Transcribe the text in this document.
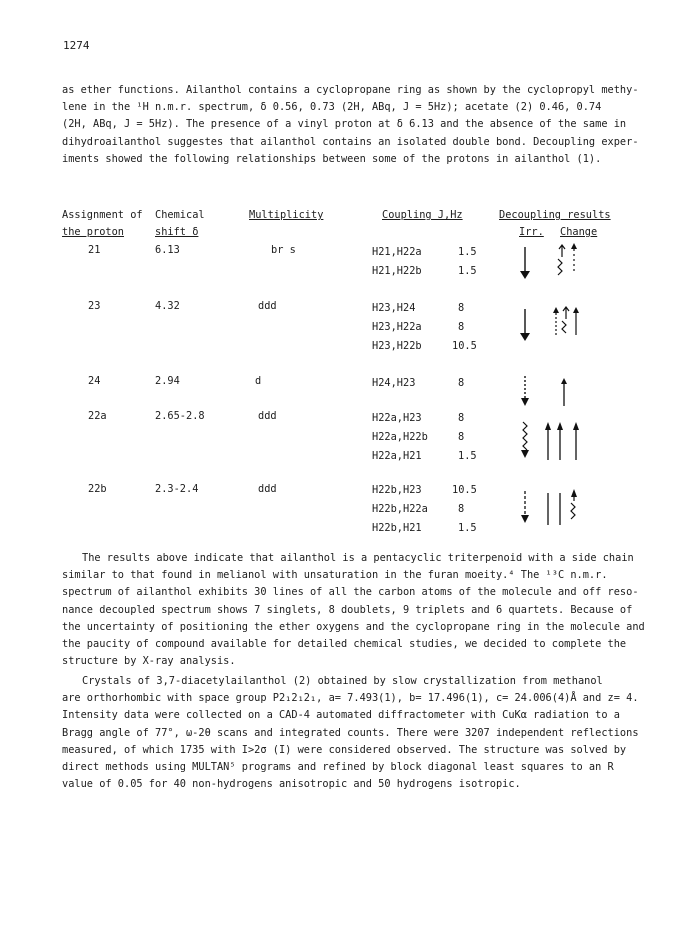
1274
as ether functions. Ailanthol contains a cyclopropane ring as shown by the cyclopropyl methy-
lene in the ¹H n.m.r. spectrum, δ 0.56, 0.73 (2H, ABq, J = 5Hz); acetate (2) 0.46, 0.74
(2H, ABq, J = 5Hz). The presence of a vinyl proton at δ 6.13 and the absence of the same in
dihydroailanthol suggestes that ailanthol contains an isolated double bond. Decoupling exper-
iments showed the following relationships between some of the protons in ailanthol (1).
Assignment of
the proton
Chemical
shift δ
Multiplicity	Coupling J,Hz	Decoupling results
Irr. Change
21	6.13	br s	H21,H22a	1.5
H21,H22b	1.5
23	4.32	ddd	H23,H24	8
H23,H22a	8
H23,H22b	10.5
24	2.94	d	H24,H23	8
22a	2.65-2.8	ddd	H22a,H23	8
H22a,H22b	8
H22a,H21	1.5
22b	2.3-2.4	ddd	H22b,H23	10.5
H22b,H22a	8
H22b,H21	1.5
The results above indicate that ailanthol is a pentacyclic triterpenoid with a side chain
similar to that found in melianol with unsaturation in the furan moeity.⁴ The ¹³C n.m.r.
spectrum of ailanthol exhibits 30 lines of all the carbon atoms of the molecule and off reso-
nance decoupled spectrum shows 7 singlets, 8 doublets, 9 triplets and 6 quartets. Because of
the uncertainty of positioning the ether oxygens and the cyclopropane ring in the molecule and
the paucity of compound available for detailed chemical studies, we decided to complete the
structure by X-ray analysis.
Crystals of 3,7-diacetylailanthol (2) obtained by slow crystallization from methanol
are orthorhombic with space group P2₁2₁2₁, a= 7.493(1), b= 17.496(1), c= 24.006(4)Å and z= 4.
Intensity data were collected on a CAD-4 automated diffractometer with CuKα radiation to a
Bragg angle of 77°, ω-2θ scans and integrated counts. There were 3207 independent reflections
measured, of which 1735 with I>2σ (I) were considered observed. The structure was solved by
direct methods using MULTAN⁵ programs and refined by block diagonal least squares to an R
value of 0.05 for 40 non-hydrogens anisotropic and 50 hydrogens isotropic.
